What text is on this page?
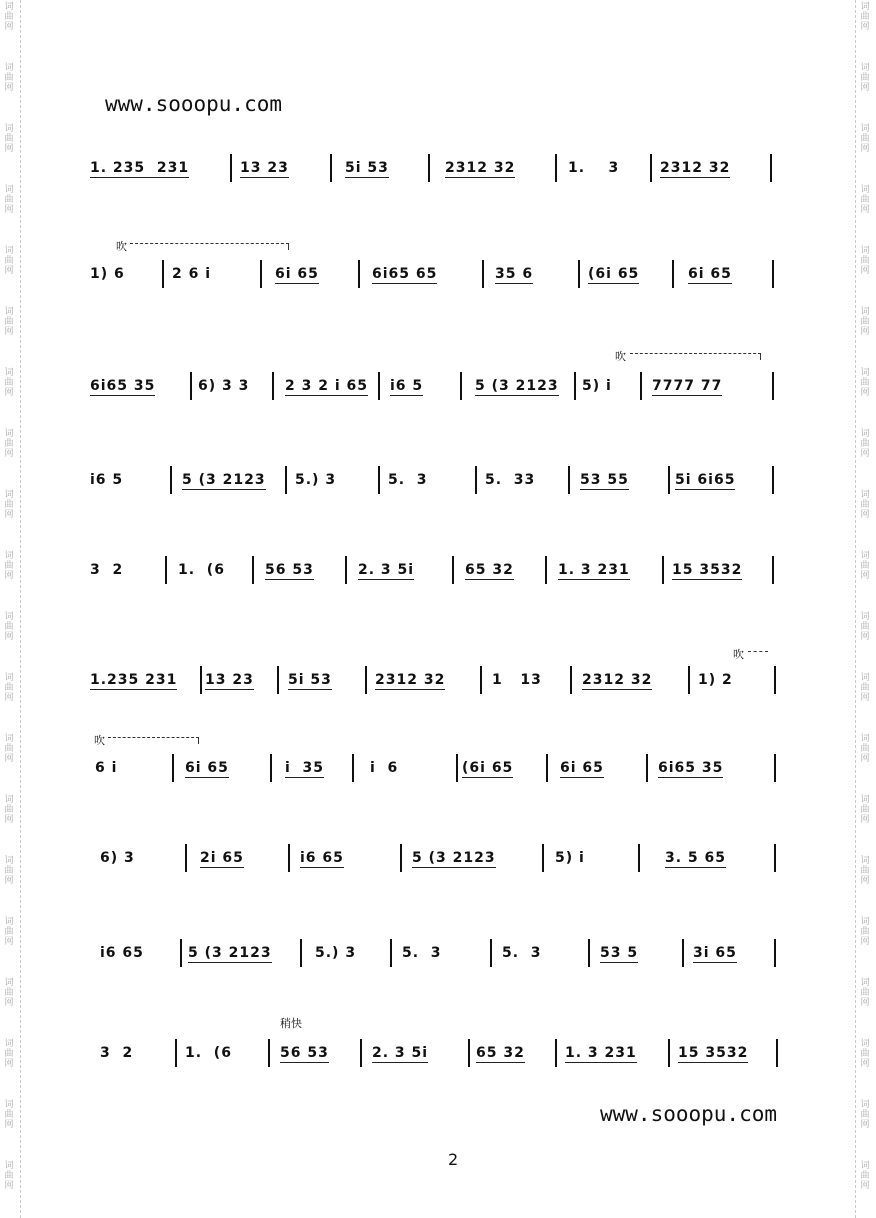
词曲网
词曲网
词曲网
词曲网
词曲网
词曲网
词曲网
词曲网
词曲网
词曲网
词曲网
词曲网
词曲网
词曲网
词曲网
词曲网
词曲网
词曲网
词曲网
词曲网
词曲网
词曲网
词曲网
词曲网
词曲网
词曲网
词曲网
词曲网
词曲网
词曲网
词曲网
词曲网
词曲网
词曲网
词曲网
词曲网
词曲网
词曲网
词曲网
词曲网
www.sooopu.com
1. 235  231	13 23	5i 53	2312 32	1.    3	2312 32
吹
1) 6	2 6 i	6i 65	6i65 65	35 6	(6i 65	6i 65
吹
6i65 35	6) 3 3	2 3 2 i 65 i6 5	5 (3 2123 5) i	7777 77
i6 5	5 (3 2123 5.) 3	5.  3	5.  33	53 55	5i 6i65
3  2	1.  (6	56 53	2. 3 5i	65 32	1. 3 231	15 3532
吹
1.235 231 13 23 5i 53	2312 32	1   13	2312 32	1) 2
吹
6 i	6i 65	i  35	i  6	(6i 65	6i 65	6i65 35
6) 3	2i 65	i6 65	5 (3 2123	5) i	3. 5 65
i6 65	5 (3 2123	5.) 3	5.  3	5.  3	53 5	3i 65
稍快
3  2	1.  (6	56 53	2. 3 5i	65 32	1. 3 231	15 3532
www.sooopu.com
2
